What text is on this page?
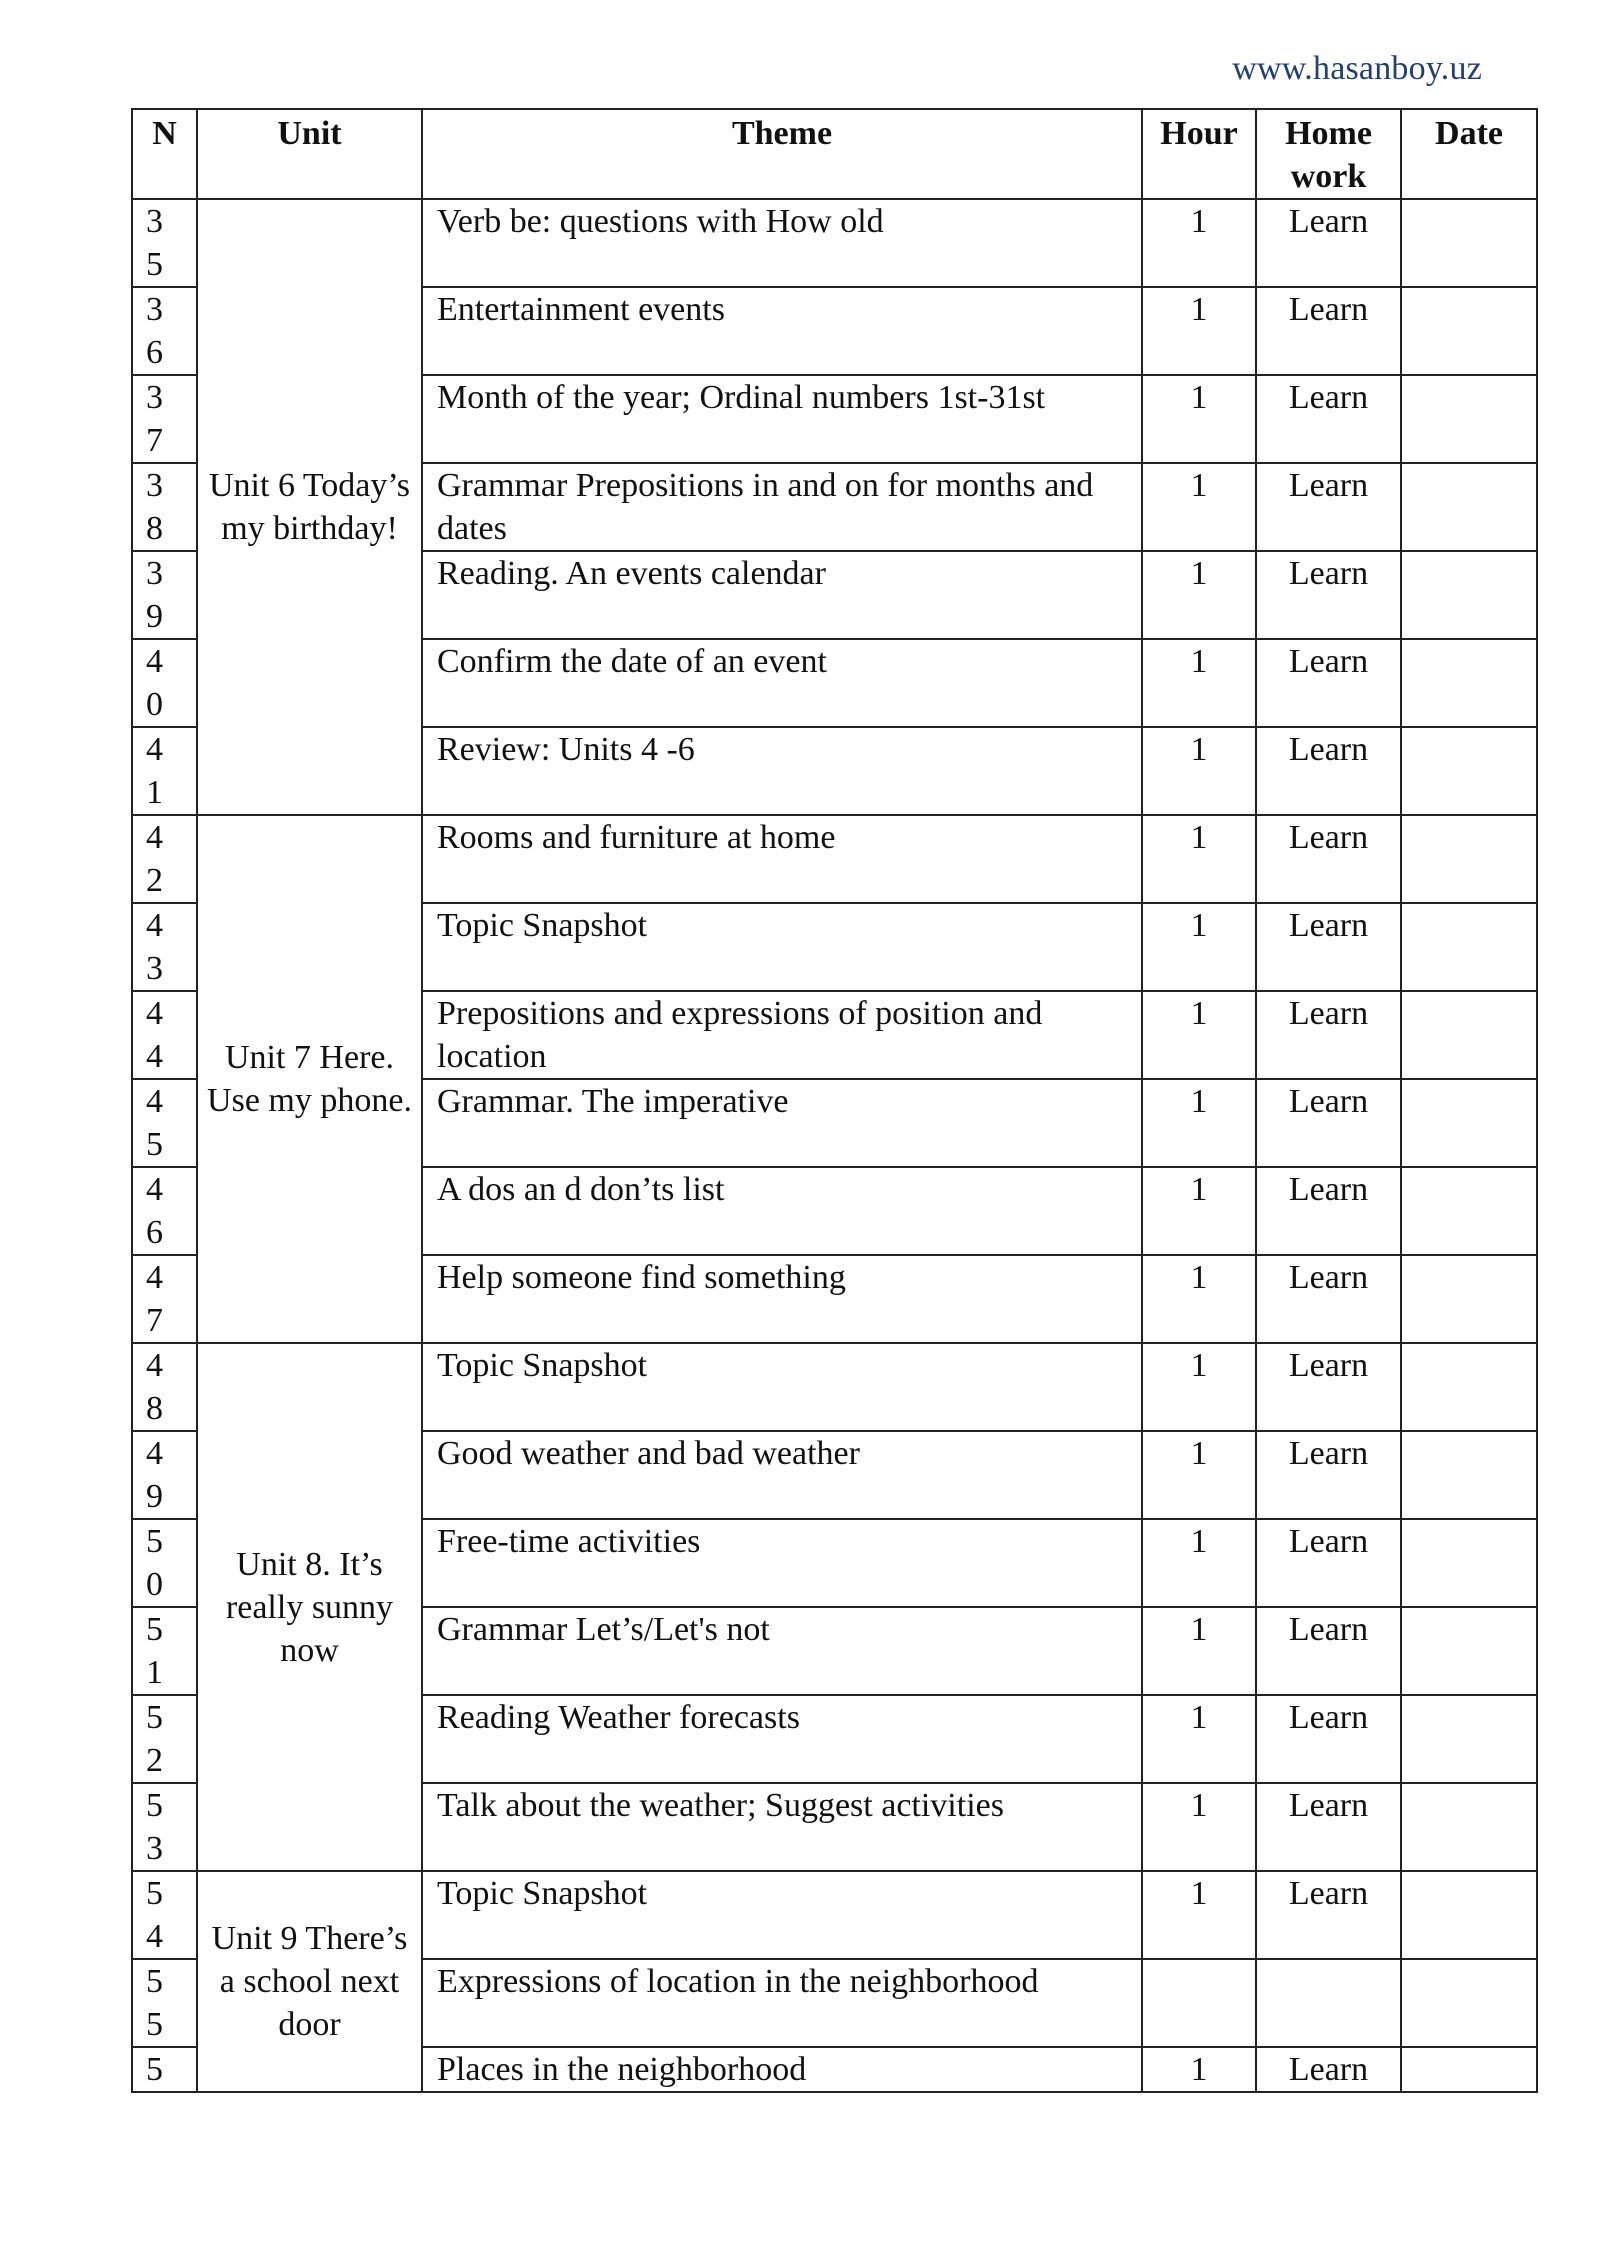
www.hasanboy.uz
N	Unit	Theme	Hour	Home work	Date

35	Unit 6 Today’s my birthday!	Verb be: questions with How old	1	Learn	

36		Entertainment events	1	Learn	

37		Month of the year; Ordinal numbers 1st-31st	1	Learn	

38		Grammar Prepositions in and on for months and dates	1	Learn	

39		Reading. An events calendar	1	Learn	

40		Confirm the date of an event	1	Learn	

41		Review: Units 4 -6	1	Learn	

42	Unit 7 Here. Use my phone.	Rooms and furniture at home	1	Learn	

43		Topic Snapshot	1	Learn	

44		Prepositions and expressions of position and location	1	Learn	

45		Grammar. The imperative	1	Learn	

46		A dos an d don’ts list	1	Learn	

47		Help someone find something	1	Learn	

48	Unit 8. It’s really sunny now	Topic Snapshot	1	Learn	

49		Good weather and bad weather	1	Learn	

50		Free-time activities	1	Learn	

51		Grammar Let’s/Let's not	1	Learn	

52		Reading Weather forecasts	1	Learn	

53		Talk about the weather; Suggest activities	1	Learn	

54	Unit 9 There’s a school next door	Topic Snapshot	1	Learn	

55		Expressions of location in the neighborhood			

5		Places in the neighborhood	1	Learn	
